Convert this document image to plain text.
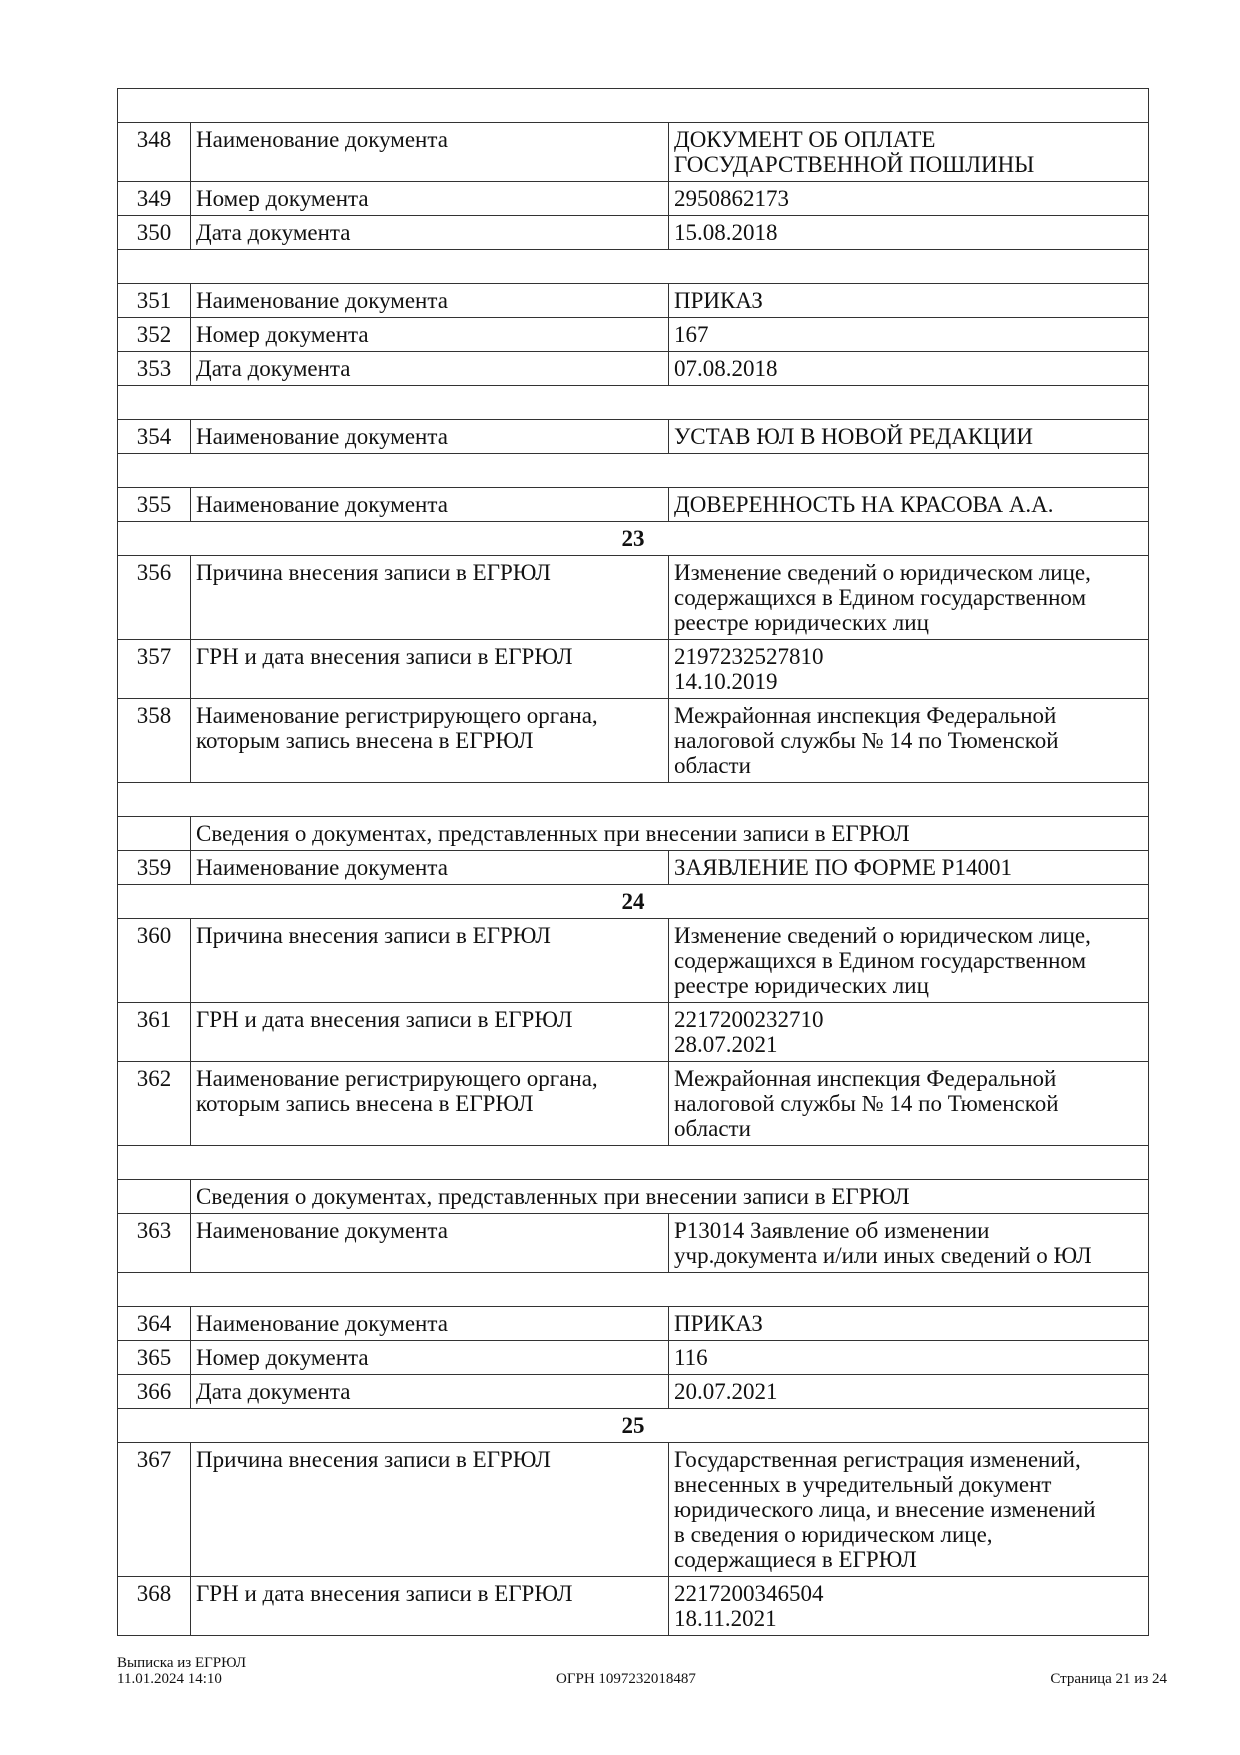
348	Наименование документа	ДОКУМЕНТ ОБ ОПЛАТЕ
ГОСУДАРСТВЕННОЙ ПОШЛИНЫ
349	Номер документа	2950862173
350	Дата документа	15.08.2018

351	Наименование документа	ПРИКАЗ
352	Номер документа	167
353	Дата документа	07.08.2018

354	Наименование документа	УСТАВ ЮЛ В НОВОЙ РЕДАКЦИИ

355	Наименование документа	ДОВЕРЕННОСТЬ НА КРАСОВА А.А.
23		
356	Причина внесения записи в ЕГРЮЛ	Изменение сведений о юридическом лице,
содержащихся в Едином государственном
реестре юридических лиц
357	ГРН и дата внесения записи в ЕГРЮЛ	2197232527810
14.10.2019
358	Наименование регистрирующего органа,
которым запись внесена в ЕГРЮЛ	Межрайонная инспекция Федеральной
налоговой службы № 14 по Тюменской
области

	Сведения о документах, представленных при внесении записи в ЕГРЮЛ	
359	Наименование документа	ЗАЯВЛЕНИЕ ПО ФОРМЕ Р14001
24		
360	Причина внесения записи в ЕГРЮЛ	Изменение сведений о юридическом лице,
содержащихся в Едином государственном
реестре юридических лиц
361	ГРН и дата внесения записи в ЕГРЮЛ	2217200232710
28.07.2021
362	Наименование регистрирующего органа,
которым запись внесена в ЕГРЮЛ	Межрайонная инспекция Федеральной
налоговой службы № 14 по Тюменской
области

	Сведения о документах, представленных при внесении записи в ЕГРЮЛ	
363	Наименование документа	Р13014 Заявление об изменении
учр.документа и/или иных сведений о ЮЛ

364	Наименование документа	ПРИКАЗ
365	Номер документа	116
366	Дата документа	20.07.2021
25		
367	Причина внесения записи в ЕГРЮЛ	Государственная регистрация изменений,
внесенных в учредительный документ
юридического лица, и внесение изменений
в сведения о юридическом лице,
содержащиеся в ЕГРЮЛ
368	ГРН и дата внесения записи в ЕГРЮЛ	2217200346504
18.11.2021
Выписка из ЕГРЮЛ
11.01.2024 14:10	ОГРН 1097232018487	Страница 21 из 24
